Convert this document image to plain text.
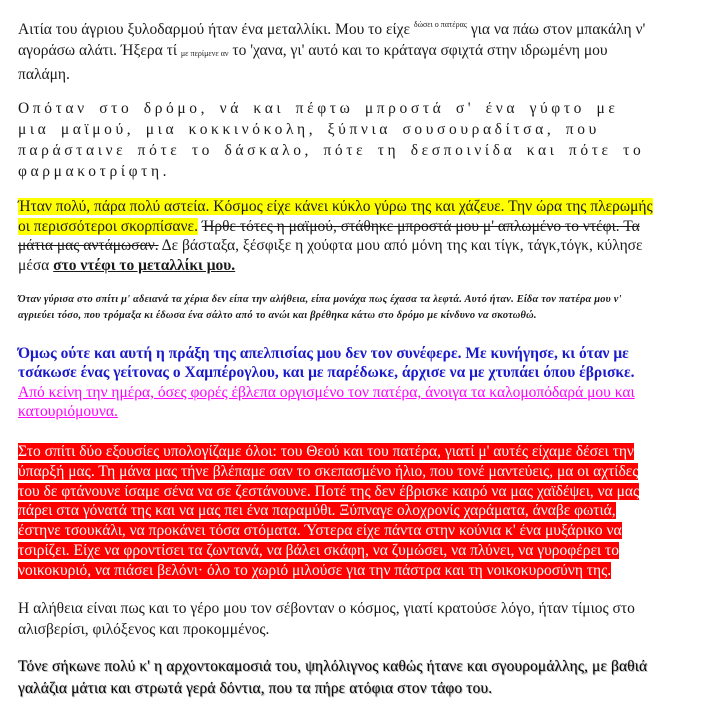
Αιτία του άγριου ξυλοδαρμού ήταν ένα μεταλλίκι. Μου το είχε $^{\delta ώ\sigma\varepsilon\iota o \pi\alpha\tau έ\rho\alpha\varsigma}$ για να πάω στον μπακάλη ν' αγοράσω αλάτι. Ήξερα τί $_{\mu\varepsilon \pi\varepsilon\rho ί\mu\varepsilon\nu\varepsilon \alpha\nu}$ το 'χανα, γι' αυτό και το κράταγα σφιχτά στην ιδρωμένη μου παλάμη.

Οπόταν στο δρόμο, νά και πέφτω μπροστά σ' ένα γύφτο με μια μαϊμού, μια κοκκινόκολη, ξύπνια σουσουραδίτσα, που παράσταινε πότε το δάσκαλο, πότε τη δεσποινίδα και πότε το φαρμακοτρίφτη.

Ήταν πολύ, πάρα πολύ αστεία. Κόσμος είχε κάνει κύκλο γύρω της και χάζευε. Την ώρα της πλερωμής οι περισσότεροι σκορπίσανε. Ήρθε τότες η μαϊμού, στάθηκε μπροστά μου μ' απλωμένο το ντέφι. Τα μάτια μας αντάμωσαν. Δε βάσταξα, ξέσφιξε η χούφτα μου από μόνη της και τίγκ, τάγκ,τόγκ, κύλησε μέσα στο ντέφι το μεταλλίκι μου.

Όταν γύρισα στο σπίτι μ' αδειανά τα χέρια δεν είπα την αλήθεια, είπα μονάχα πως έχασα τα λεφτά. Αυτό ήταν. Είδα τον πατέρα μου ν' αγριεύει τόσο, που τρόμαξα κι έδωσα ένα σάλτο από το ανώι και βρέθηκα κάτω στο δρόμο με κίνδυνο να σκοτωθώ.

Όμως ούτε και αυτή η πράξη της απελπισίας μου δεν τον συνέφερε. Με κυνήγησε, κι όταν με τσάκωσε ένας γείτονας ο Χαμπέρογλου, και με παρέδωκε, άρχισε να με χτυπάει όπου έβρισκε.

Από κείνη την ημέρα, όσες φορές έβλεπα οργισμένο τον πατέρα, άνοιγα τα καλομοπόδαρά μου και κατουριόμουνα.

Στο σπίτι δύο εξουσίες υπολογίζαμε όλοι: του Θεού και του πατέρα, γιατί μ' αυτές είχαμε δέσει την ύπαρξή μας. Τη μάνα μας τήνε βλέπαμε σαν το σκεπασμένο ήλιο, που τονέ μαντεύεις, μα οι αχτίδες του δε φτάνουνε ίσαμε σένα να σε ζεστάνουνε. Ποτέ της δεν έβρισκε καιρό να μας χαϊδέψει, να μας πάρει στα γόνατά της και να μας πει ένα παραμύθι. Ξύπναγε ολοχρονίς χαράματα, άναβε φωτιά, έστηνε τσουκάλι, να προκάνει τόσα στόματα. Ύστερα είχε πάντα στην κούνια κ' ένα μυξάρικο να τσιρίζει. Είχε να φροντίσει τα ζωντανά, να βάλει σκάφη, να ζυμώσει, να πλύνει, να γυροφέρει το νοικοκυριό, να πιάσει βελόνι· όλο το χωριό μιλούσε για την πάστρα και τη νοικοκυροσύνη της.

Η αλήθεια είναι πως και το γέρο μου τον σέβονταν ο κόσμος, γιατί κρατούσε λόγο, ήταν τίμιος στο αλισβερίσι, φιλόξενος και προκομμένος.

Τόνε σήκωνε πολύ κ' η αρχοντοκαμοσιά του, ψηλόλιγνος καθώς ήτανε και σγουρομάλλης, με βαθιά γαλάζια μάτια και στρωτά γερά δόντια, που τα πήρε ατόφια στον τάφο του.
